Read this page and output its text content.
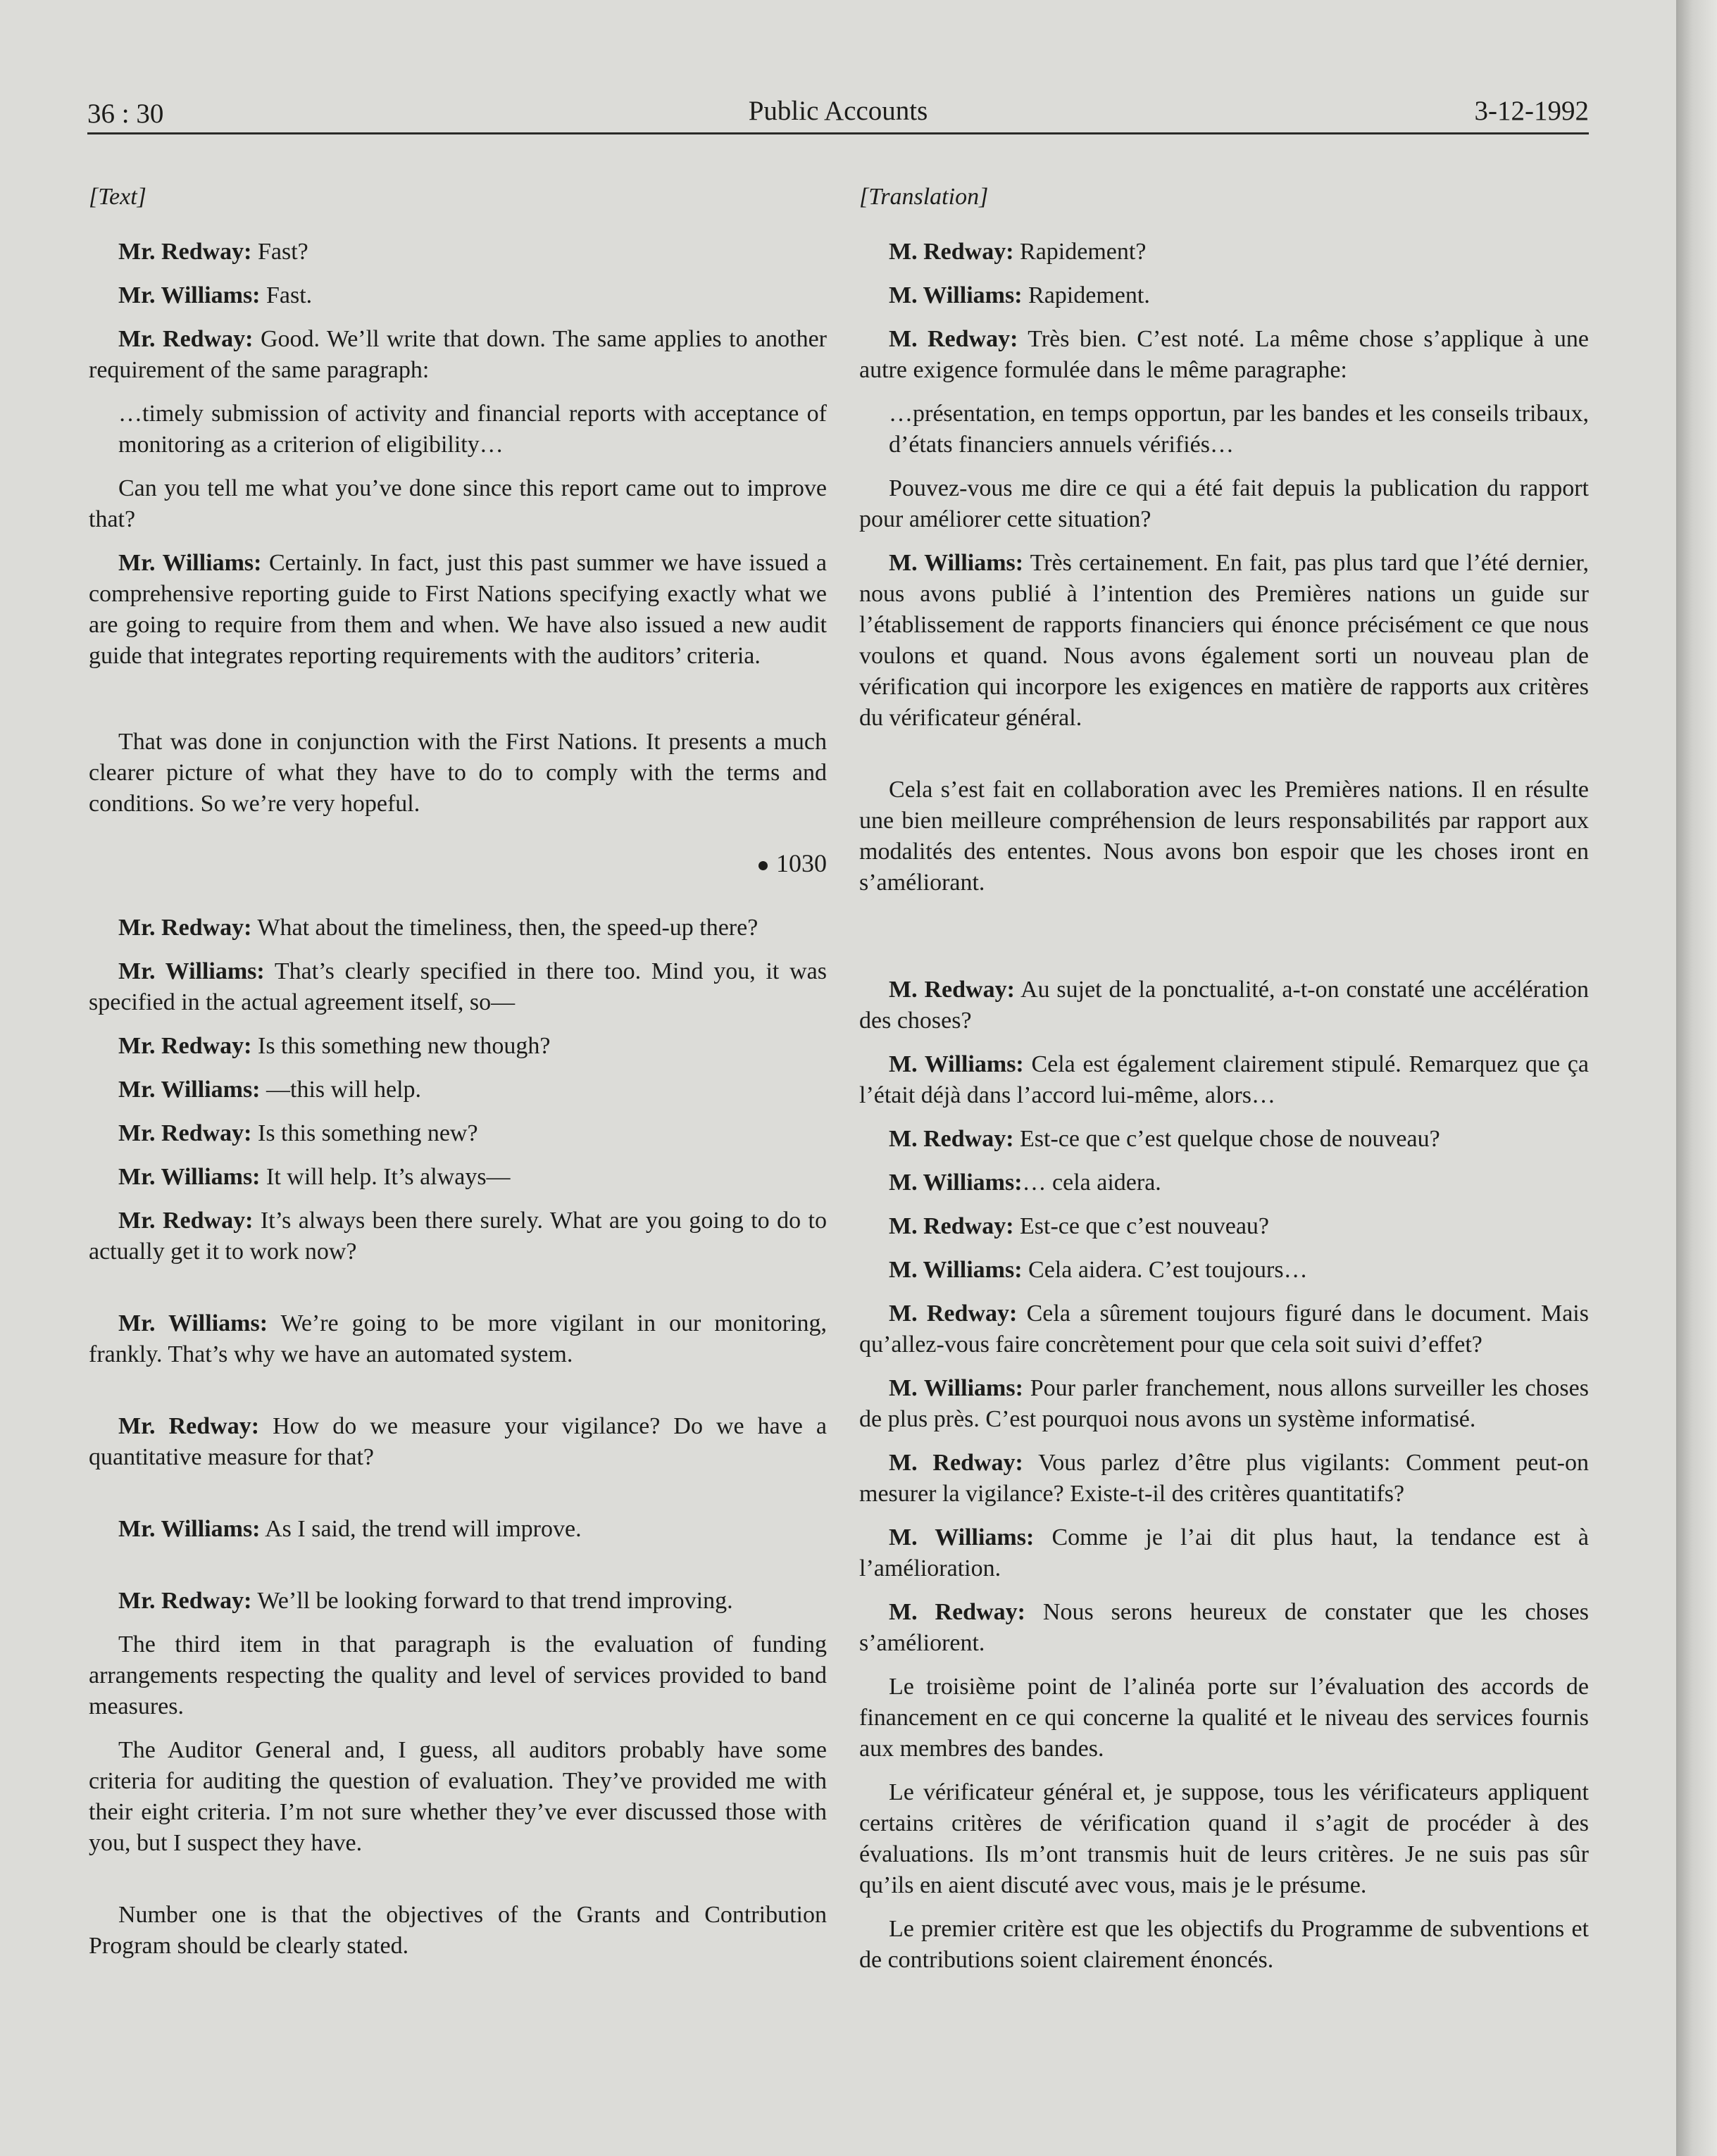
36 : 30	Public Accounts	3-12-1992

[Text]

Mr. Redway: Fast?

Mr. Williams: Fast.

Mr. Redway: Good. We’ll write that down. The same applies to another requirement of the same paragraph:

…timely submission of activity and financial reports with acceptance of monitoring as a criterion of eligibility…

Can you tell me what you’ve done since this report came out to improve that?

Mr. Williams: Certainly. In fact, just this past summer we have issued a comprehensive reporting guide to First Nations specifying exactly what we are going to require from them and when. We have also issued a new audit guide that integrates reporting requirements with the auditors’ criteria.

That was done in conjunction with the First Nations. It presents a much clearer picture of what they have to do to comply with the terms and conditions. So we’re very hopeful.

1030

Mr. Redway: What about the timeliness, then, the speed-up there?

Mr. Williams: That’s clearly specified in there too. Mind you, it was specified in the actual agreement itself, so—

Mr. Redway: Is this something new though?

Mr. Williams: —this will help.

Mr. Redway: Is this something new?

Mr. Williams: It will help. It’s always—

Mr. Redway: It’s always been there surely. What are you going to do to actually get it to work now?

Mr. Williams: We’re going to be more vigilant in our monitoring, frankly. That’s why we have an automated system.

Mr. Redway: How do we measure your vigilance? Do we have a quantitative measure for that?

Mr. Williams: As I said, the trend will improve.

Mr. Redway: We’ll be looking forward to that trend improving.

The third item in that paragraph is the evaluation of funding arrangements respecting the quality and level of services provided to band measures.

The Auditor General and, I guess, all auditors probably have some criteria for auditing the question of evaluation. They’ve provided me with their eight criteria. I’m not sure whether they’ve ever discussed those with you, but I suspect they have.

Number one is that the objectives of the Grants and Contribution Program should be clearly stated.

[Translation]

M. Redway: Rapidement?

M. Williams: Rapidement.

M. Redway: Très bien. C’est noté. La même chose s’applique à une autre exigence formulée dans le même paragraphe:

…présentation, en temps opportun, par les bandes et les conseils tribaux, d’états financiers annuels vérifiés…

Pouvez-vous me dire ce qui a été fait depuis la publication du rapport pour améliorer cette situation?

M. Williams: Très certainement. En fait, pas plus tard que l’été dernier, nous avons publié à l’intention des Premières nations un guide sur l’établissement de rapports financiers qui énonce précisément ce que nous voulons et quand. Nous avons également sorti un nouveau plan de vérification qui incorpore les exigences en matière de rapports aux critères du vérificateur général.

Cela s’est fait en collaboration avec les Premières nations. Il en résulte une bien meilleure compréhension de leurs responsabilités par rapport aux modalités des ententes. Nous avons bon espoir que les choses iront en s’améliorant.

M. Redway: Au sujet de la ponctualité, a-t-on constaté une accélération des choses?

M. Williams: Cela est également clairement stipulé. Remarquez que ça l’était déjà dans l’accord lui-même, alors…

M. Redway: Est-ce que c’est quelque chose de nouveau?

M. Williams:… cela aidera.

M. Redway: Est-ce que c’est nouveau?

M. Williams: Cela aidera. C’est toujours…

M. Redway: Cela a sûrement toujours figuré dans le document. Mais qu’allez-vous faire concrètement pour que cela soit suivi d’effet?

M. Williams: Pour parler franchement, nous allons surveiller les choses de plus près. C’est pourquoi nous avons un système informatisé.

M. Redway: Vous parlez d’être plus vigilants: Comment peut-on mesurer la vigilance? Existe-t-il des critères quantitatifs?

M. Williams: Comme je l’ai dit plus haut, la tendance est à l’amélioration.

M. Redway: Nous serons heureux de constater que les choses s’améliorent.

Le troisième point de l’alinéa porte sur l’évaluation des accords de financement en ce qui concerne la qualité et le niveau des services fournis aux membres des bandes.

Le vérificateur général et, je suppose, tous les vérificateurs appliquent certains critères de vérification quand il s’agit de procéder à des évaluations. Ils m’ont transmis huit de leurs critères. Je ne suis pas sûr qu’ils en aient discuté avec vous, mais je le présume.

Le premier critère est que les objectifs du Programme de subventions et de contributions soient clairement énoncés.
